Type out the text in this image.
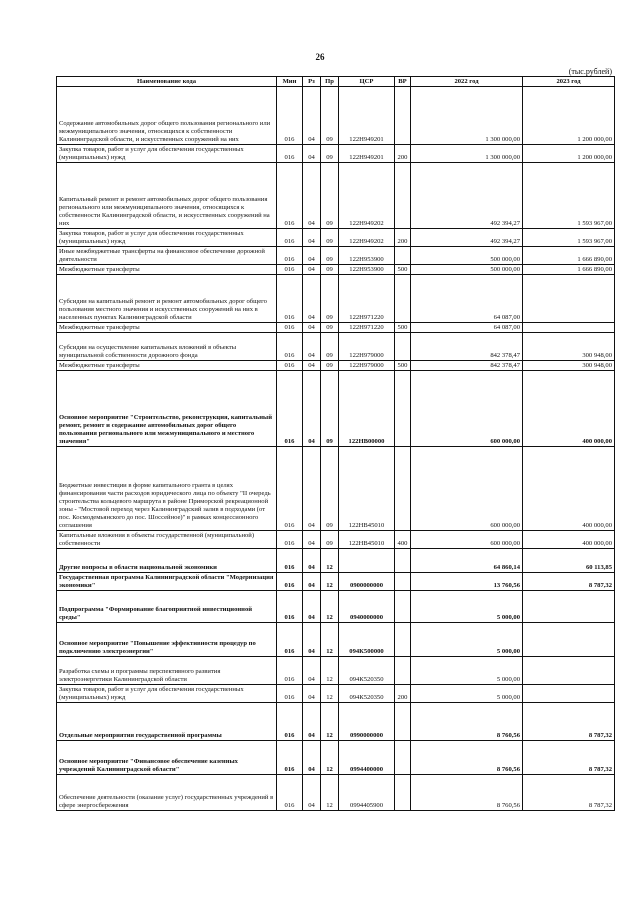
26
(тыс.рублей)
Наименование кода	Мин	Рз	Пр	ЦСР	ВР	2022 год	2023 год
Содержание автомобильных дорог общего пользования регионального или межмуниципального значения, относящихся к собственности Калининградской области, и искусственных сооружений на них	016	04	09	122Н949201		1 300 000,00	1 200 000,00
Закупка товаров, работ и услуг для обеспечения государственных (муниципальных) нужд	016	04	09	122Н949201	200	1 300 000,00	1 200 000,00
Капитальный ремонт и ремонт автомобильных дорог общего пользования регионального или межмуниципального значения, относящихся к собственности Калининградской области, и искусственных сооружений на них	016	04	09	122Н949202		492 394,27	1 593 967,00
Закупка товаров, работ и услуг для обеспечения государственных (муниципальных) нужд	016	04	09	122Н949202	200	492 394,27	1 593 967,00
Иные межбюджетные трансферты на финансовое обеспечение дорожной деятельности	016	04	09	122Н953900		500 000,00	1 666 890,00
Межбюджетные трансферты	016	04	09	122Н953900	500	500 000,00	1 666 890,00
Субсидии на капитальный ремонт и ремонт автомобильных дорог общего пользования местного значения и искусственных сооружений на них в населенных пунктах Калининградской области	016	04	09	122Н971220		64 087,00	
Межбюджетные трансферты	016	04	09	122Н971220	500	64 087,00	
Субсидии на осуществление капитальных вложений в объекты муниципальной собственности дорожного фонда	016	04	09	122Н979000		842 378,47	300 948,00
Межбюджетные трансферты	016	04	09	122Н979000	500	842 378,47	300 948,00
Основное мероприятие "Строительство, реконструкция, капитальный ремонт, ремонт и содержание автомобильных дорог общего пользования регионального или межмуниципального и местного значения"	016	04	09	122НВ00000		600 000,00	400 000,00
Бюджетные инвестиции в форме капитального гранта в целях финансирования части расходов юридического лица по объекту "II очередь строительства кольцевого маршрута в районе Приморской рекреационной зоны - "Мостовой переход через Калининградский залив в подходами (от пос. Космодемьянского до пос. Шоссейное)" в рамках концессионного соглашения	016	04	09	122НВ45010		600 000,00	400 000,00
Капитальные вложения в объекты государственной (муниципальной) собственности	016	04	09	122НВ45010	400	600 000,00	400 000,00
Другие вопросы в области национальной экономики	016	04	12			64 860,14	60 113,85
Государственная программа Калининградской области "Модернизация экономики"	016	04	12	0900000000		13 760,56	8 787,32
Подпрограмма "Формирование благоприятной инвестиционной среды"	016	04	12	0940000000		5 000,00	
Основное мероприятие "Повышение эффективности процедур по подключению электроэнергии"	016	04	12	094К500000		5 000,00	
Разработка схемы и программы перспективного развития электроэнергетики Калининградской области	016	04	12	094К520350		5 000,00	
Закупка товаров, работ и услуг для обеспечения государственных (муниципальных) нужд	016	04	12	094К520350	200	5 000,00	
Отдельные мероприятия государственной программы	016	04	12	0990000000		8 760,56	8 787,32
Основное мероприятие "Финансовое обеспечение казенных учреждений Калининградской области"	016	04	12	0994400000		8 760,56	8 787,32
Обеспечение деятельности (оказание услуг) государственных учреждений в сфере энергосбережения	016	04	12	0994405900		8 760,56	8 787,32
